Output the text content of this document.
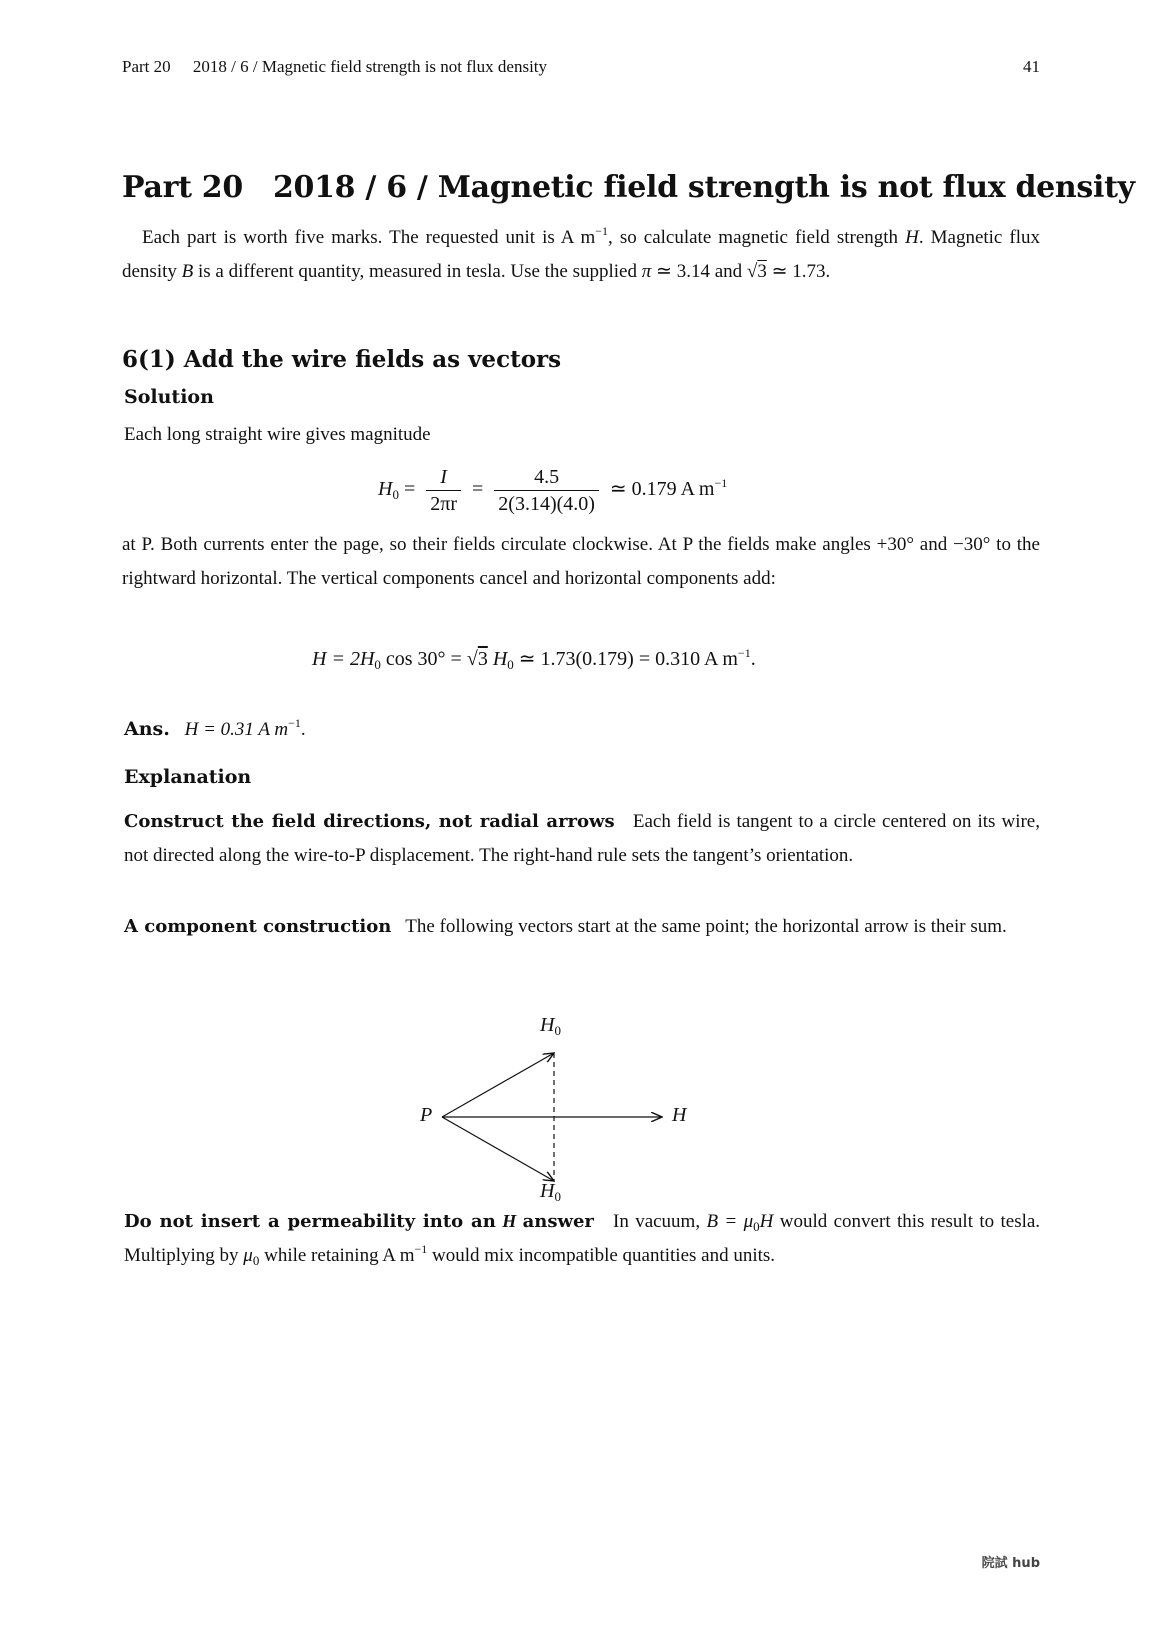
Part 20 2018 / 6 / Magnetic field strength is not flux density	41
Part 20 2018 / 6 / Magnetic field strength is not flux density
Each part is worth five marks. The requested unit is A $m^{-1}$, so calculate magnetic field strength H. Magnetic flux density B is a different quantity, measured in tesla. Use the supplied π ≃ 3.14 and √3 ≃ 1.73.
6(1) Add the wire fields as vectors
Solution
Each long straight wire gives magnitude
$H_0 = \frac{I}{2\pi r} = \frac{4.5}{2(3.14)(4.0)}$ ≃ 0.179 A $m^{-1}$
at P. Both currents enter the page, so their fields circulate clockwise. At P the fields make angles +30° and −30° to the rightward horizontal. The vertical components cancel and horizontal components add:
$H = 2H_0$ cos 30° = √3 $H_0$ ≃ 1.73(0.179) = 0.310 A $m^{-1}$.
Ans. H = 0.31 A $m^{-1}$.
Explanation
Construct the field directions, not radial arrows Each field is tangent to a circle centered on its wire, not directed along the wire-to-P displacement. The right-hand rule sets the tangent’s orientation.
A component construction The following vectors start at the same point; the horizontal arrow is their sum.
$H_0$
$H_0$
P	H
Do not insert a permeability into an H answer In vacuum, $B = \mu_0H$ would convert this result to tesla. Multiplying by $\mu_0$ while retaining A $m^{-1}$ would mix incompatible quantities and units.
院試 hub
